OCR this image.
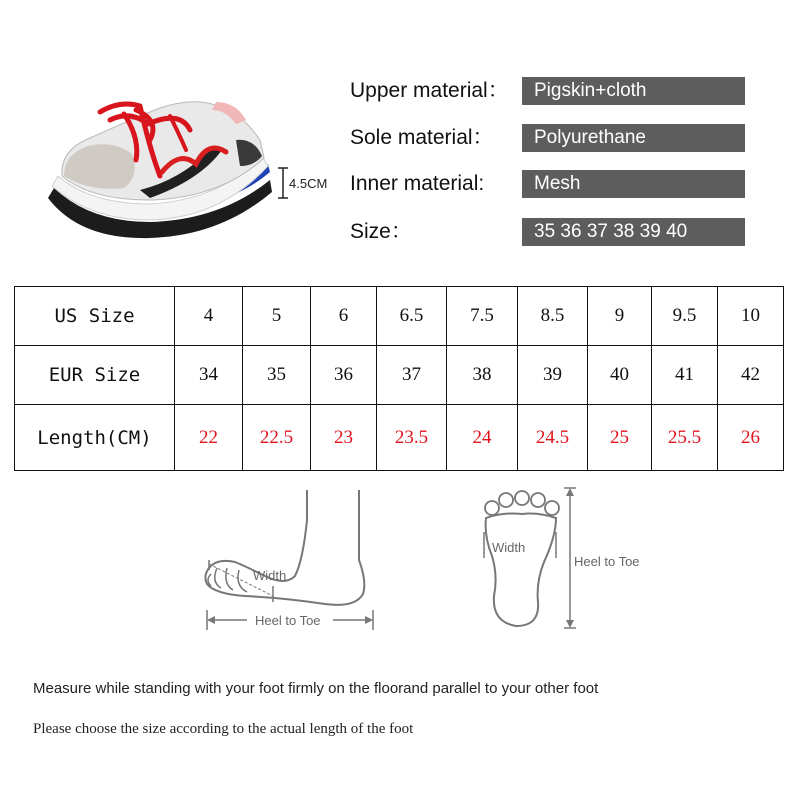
4.5CM
Upper material：	Pigskin+cloth
Sole material：	Polyurethane
Inner material:	Mesh
Size：	35 36 37 38 39 40
US Size	4	5	6	6.5	7.5	8.5	9	9.5	10
EUR Size	34	35	36	37	38	39	40	41	42
Length(CM)	22	22.5	23	23.5	24	24.5	25	25.5	26
Width
Heel to Toe
Width
Heel to Toe
Measure while standing with your foot firmly on the floorand parallel to your other foot
Please choose the size according to the actual length of the foot
